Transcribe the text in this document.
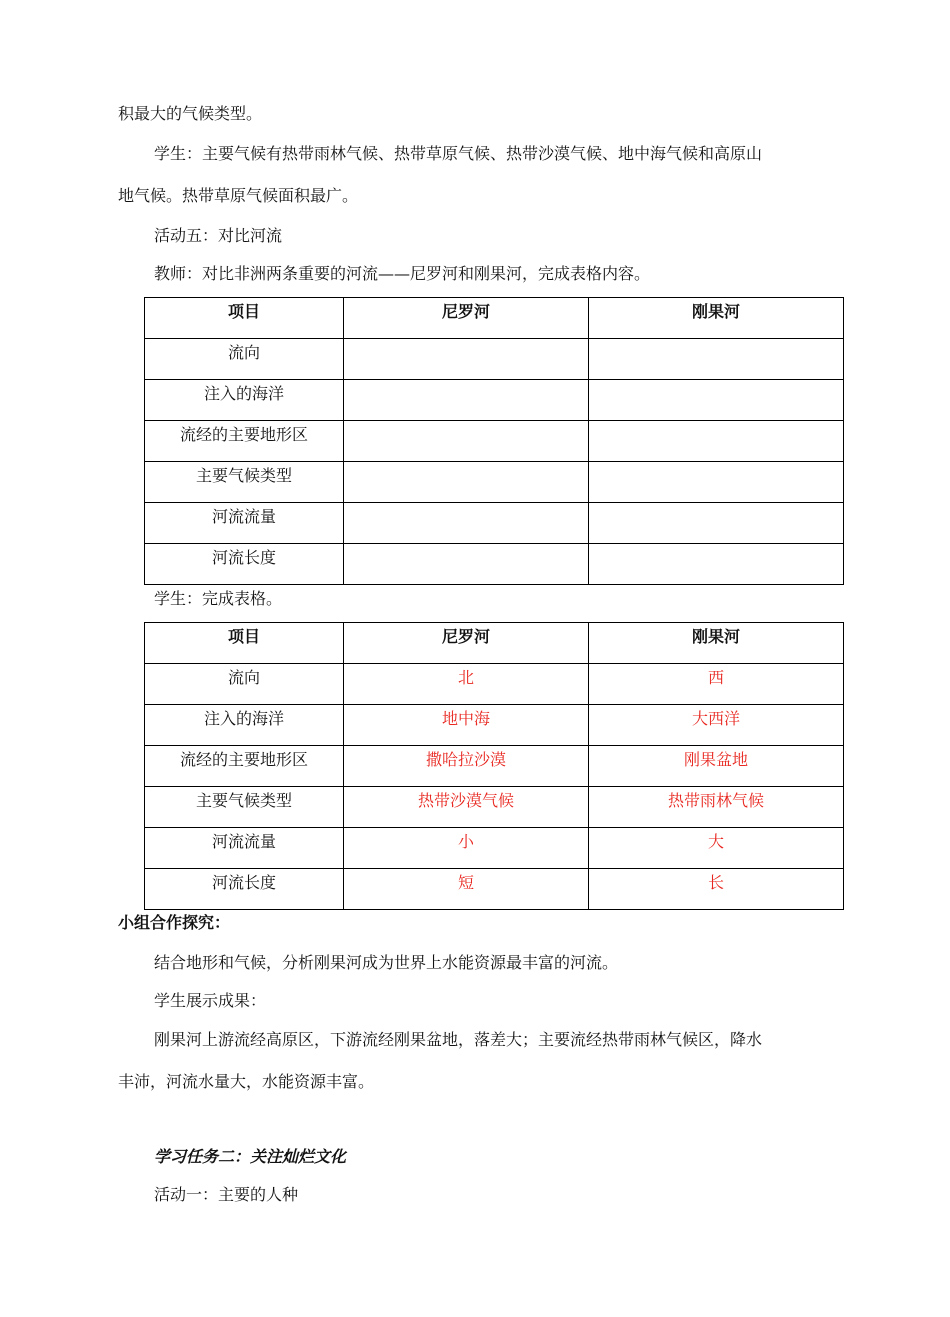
积最大的气候类型。
学生：主要气候有热带雨林气候、热带草原气候、热带沙漠气候、地中海气候和高原山
地气候。热带草原气候面积最广。
活动五：对比河流
教师：对比非洲两条重要的河流——尼罗河和刚果河，完成表格内容。
项目	尼罗河	刚果河
流向		
注入的海洋		
流经的主要地形区		
主要气候类型		
河流流量		
河流长度		
学生：完成表格。
项目	尼罗河	刚果河
流向	北	西
注入的海洋	地中海	大西洋
流经的主要地形区	撒哈拉沙漠	刚果盆地
主要气候类型	热带沙漠气候	热带雨林气候
河流流量	小	大
河流长度	短	长
小组合作探究：
结合地形和气候，分析刚果河成为世界上水能资源最丰富的河流。
学生展示成果：
刚果河上游流经高原区，下游流经刚果盆地，落差大；主要流经热带雨林气候区，降水
丰沛，河流水量大，水能资源丰富。
学习任务二：关注灿烂文化
活动一：主要的人种
